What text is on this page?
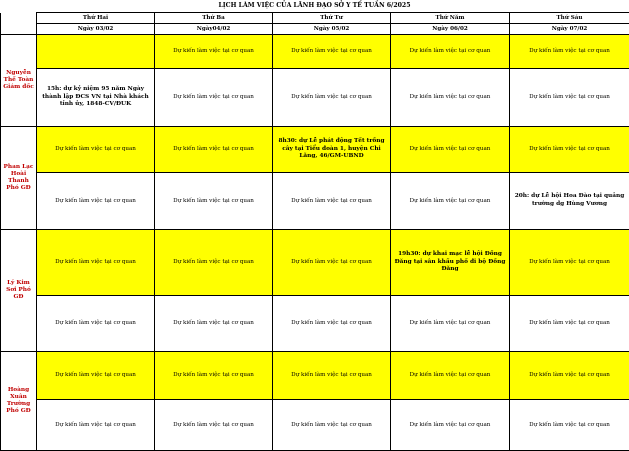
LỊCH LÀM VIỆC CỦA LÃNH ĐẠO SỞ Y TẾ TUẦN 6/2025
	Thứ Hai	Thứ Ba	Thứ Tư	Thứ Năm	Thứ Sáu
	Ngày 03/02	Ngày04/02	Ngày 05/02	Ngày 06/02	Ngày 07/02
Nguyễn Thế Toàn Giám đốc		Dự kiến làm việc tại cơ quan	Dự kiến làm việc tại cơ quan	Dự kiến làm việc tại cơ quan	Dự kiến làm việc tại cơ quan
	15h: dự kỷ niệm 95 năm Ngày thành lập ĐCS VN tại Nhà khách tỉnh ủy, 1848-CV/ĐUK	Dự kiến làm việc tại cơ quan	Dự kiến làm việc tại cơ quan	Dự kiến làm việc tại cơ quan	Dự kiến làm việc tại cơ quan
Phan Lạc Hoài Thanh Phó GĐ	Dự kiến làm việc tại cơ quan	Dự kiến làm việc tại cơ quan	8h30: dự Lễ phát động Tết trồng cây tại Tiểu đoàn 1, huyện Chi Lăng, 46/GM-UBND	Dự kiến làm việc tại cơ quan	Dự kiến làm việc tại cơ quan
	Dự kiến làm việc tại cơ quan	Dự kiến làm việc tại cơ quan	Dự kiến làm việc tại cơ quan	Dự kiến làm việc tại cơ quan	20h: dự Lễ hội Hoa Đào tại quảng trường dg Hùng Vương
Lý Kim Sơi Phó GĐ	Dự kiến làm việc tại cơ quan	Dự kiến làm việc tại cơ quan	Dự kiến làm việc tại cơ quan	19h30: dự khai mạc lễ hội Đồng Đăng tại sân khấu phố đi bộ Đồng Đăng	Dự kiến làm việc tại cơ quan
	Dự kiến làm việc tại cơ quan	Dự kiến làm việc tại cơ quan	Dự kiến làm việc tại cơ quan	Dự kiến làm việc tại cơ quan	Dự kiến làm việc tại cơ quan
Hoàng Xuân Trường Phó GĐ	Dự kiến làm việc tại cơ quan	Dự kiến làm việc tại cơ quan	Dự kiến làm việc tại cơ quan	Dự kiến làm việc tại cơ quan	Dự kiến làm việc tại cơ quan
	Dự kiến làm việc tại cơ quan	Dự kiến làm việc tại cơ quan	Dự kiến làm việc tại cơ quan	Dự kiến làm việc tại cơ quan	Dự kiến làm việc tại cơ quan
